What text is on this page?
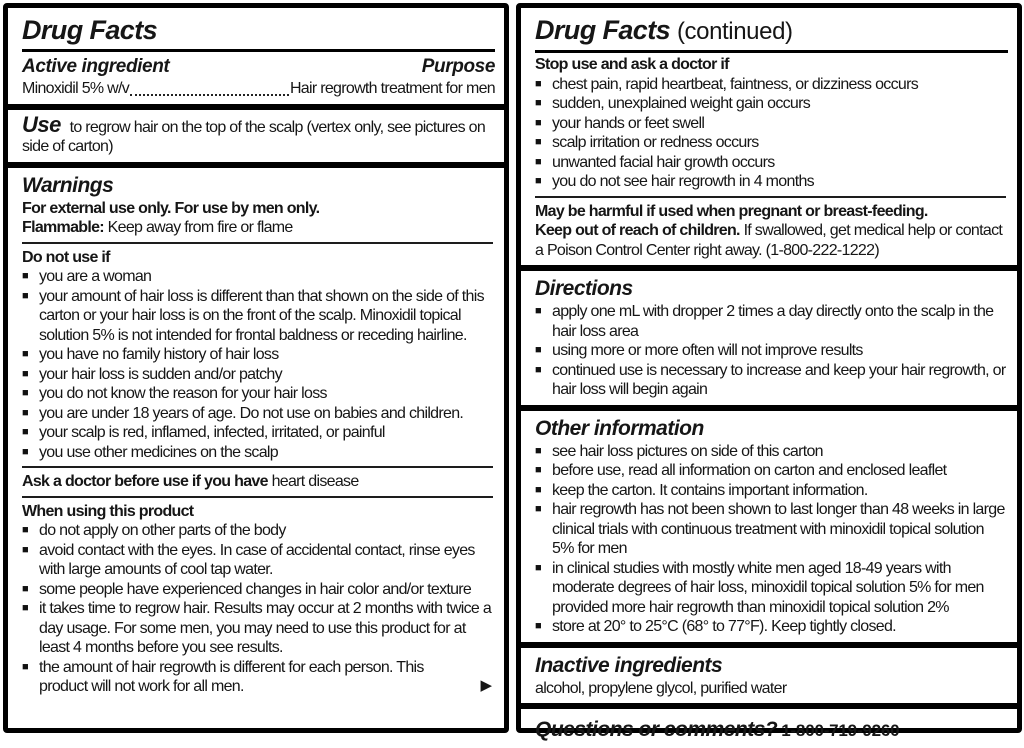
Drug Facts
Active ingredient	Purpose
Minoxidil 5% w/v	Hair regrowth treatment for men
Use to regrow hair on the top of the scalp (vertex only, see pictures on side of carton)
Warnings
For external use only. For use by men only.
Flammable: Keep away from fire or flame
Do not use if
■ you are a woman
■ your amount of hair loss is different than that shown on the side of this carton or your hair loss is on the front of the scalp. Minoxidil topical solution 5% is not intended for frontal baldness or receding hairline.
■ you have no family history of hair loss
■ your hair loss is sudden and/or patchy
■ you do not know the reason for your hair loss
■ you are under 18 years of age. Do not use on babies and children.
■ your scalp is red, inflamed, infected, irritated, or painful
■ you use other medicines on the scalp
Ask a doctor before use if you have heart disease
When using this product
■ do not apply on other parts of the body
■ avoid contact with the eyes. In case of accidental contact, rinse eyes with large amounts of cool tap water.
■ some people have experienced changes in hair color and/or texture
■ it takes time to regrow hair. Results may occur at 2 months with twice a day usage. For some men, you may need to use this product for at least 4 months before you see results.
■ the amount of hair regrowth is different for each person. This product will not work for all men.	▶
Drug Facts (continued)
Stop use and ask a doctor if
■ chest pain, rapid heartbeat, faintness, or dizziness occurs
■ sudden, unexplained weight gain occurs
■ your hands or feet swell
■ scalp irritation or redness occurs
■ unwanted facial hair growth occurs
■ you do not see hair regrowth in 4 months
May be harmful if used when pregnant or breast-feeding.
Keep out of reach of children. If swallowed, get medical help or contact a Poison Control Center right away. (1-800-222-1222)
Directions
■ apply one mL with dropper 2 times a day directly onto the scalp in the hair loss area
■ using more or more often will not improve results
■ continued use is necessary to increase and keep your hair regrowth, or hair loss will begin again
Other information
■ see hair loss pictures on side of this carton
■ before use, read all information on carton and enclosed leaflet
■ keep the carton. It contains important information.
■ hair regrowth has not been shown to last longer than 48 weeks in large clinical trials with continuous treatment with minoxidil topical solution 5% for men
■ in clinical studies with mostly white men aged 18-49 years with moderate degrees of hair loss, minoxidil topical solution 5% for men provided more hair regrowth than minoxidil topical solution 2%
■ store at 20° to 25°C (68° to 77°F). Keep tightly closed.
Inactive ingredients
alcohol, propylene glycol, purified water
Questions or comments? 1-800-719-9260
